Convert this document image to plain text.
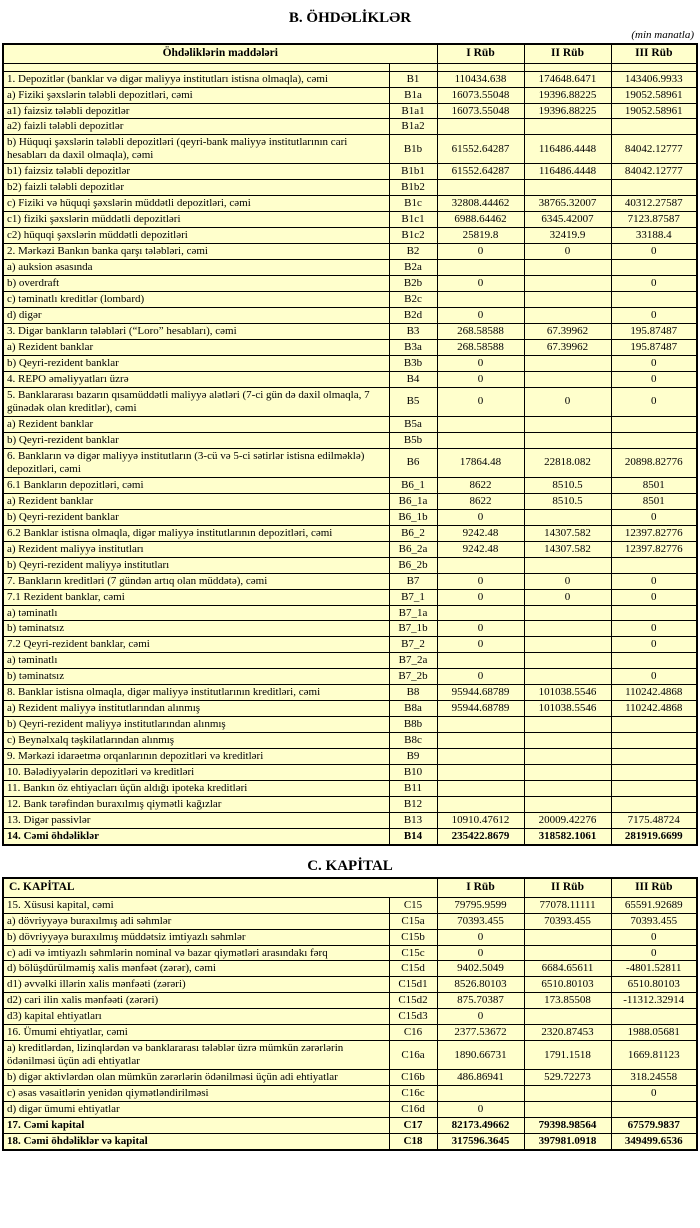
B. ÖHDƏLİKLƏR
(min manatla)
Öhdəliklərin maddələri		I Rüb	II Rüb	III Rüb

1. Depozitlər (banklar və digər maliyyə institutları istisna olmaqla), cəmi	B1	110434.638	174648.6471	143406.9933
a) Fiziki şəxslərin tələbli depozitləri, cəmi	B1a	16073.55048	19396.88225	19052.58961
a1) faizsiz tələbli depozitlər	B1a1	16073.55048	19396.88225	19052.58961
a2) faizli tələbli depozitlər	B1a2			
b) Hüquqi şəxslərin tələbli depozitləri (qeyri-bank maliyyə institutlarının cari hesabları da daxil olmaqla), cəmi	B1b	61552.64287	116486.4448	84042.12777
b1) faizsiz tələbli depozitlər	B1b1	61552.64287	116486.4448	84042.12777
b2) faizli tələbli depozitlər	B1b2			
c) Fiziki və hüquqi şəxslərin müddətli depozitləri, cəmi	B1c	32808.44462	38765.32007	40312.27587
c1) fiziki şəxslərin müddətli depozitləri	B1c1	6988.64462	6345.42007	7123.87587
c2) hüquqi şəxslərin müddətli depozitləri	B1c2	25819.8	32419.9	33188.4
2. Mərkəzi Bankın banka qarşı tələbləri, cəmi	B2	0	0	0
a) auksion əsasında	B2a			
b) overdraft	B2b	0		0
c) təminatlı kreditlər (lombard)	B2c			
d) digər	B2d	0		0
3. Digər bankların tələbləri (“Loro” hesabları), cəmi	B3	268.58588	67.39962	195.87487
a) Rezident banklar	B3a	268.58588	67.39962	195.87487
b) Qeyri-rezident banklar	B3b	0		0
4. REPO əməliyyatları üzrə	B4	0		0
5. Banklararası bazarın qısamüddətli maliyyə alətləri (7-ci gün də daxil olmaqla, 7 günədək olan kreditlər), cəmi	B5	0	0	0
a) Rezident banklar	B5a			
b) Qeyri-rezident banklar	B5b			
6. Bankların və digər maliyyə institutların (3-cü və 5-ci sətirlər istisna edilməklə) depozitləri, cəmi	B6	17864.48	22818.082	20898.82776
6.1 Bankların depozitləri, cəmi	B6_1	8622	8510.5	8501
a) Rezident banklar	B6_1a	8622	8510.5	8501
b) Qeyri-rezident banklar	B6_1b	0		0
6.2 Banklar istisna olmaqla, digər maliyyə institutlarının depozitləri, cəmi	B6_2	9242.48	14307.582	12397.82776
a) Rezident maliyyə institutları	B6_2a	9242.48	14307.582	12397.82776
b) Qeyri-rezident maliyyə institutları	B6_2b			
7. Bankların kreditləri (7 gündən artıq olan müddətə), cəmi	B7	0	0	0
7.1 Rezident banklar, cəmi	B7_1	0	0	0
a) təminatlı	B7_1a			
b) təminatsız	B7_1b	0		0
7.2 Qeyri-rezident banklar, cəmi	B7_2	0		0
a) təminatlı	B7_2a			
b) təminatsız	B7_2b	0		0
8. Banklar istisna olmaqla, digər maliyyə institutlarının kreditləri, cəmi	B8	95944.68789	101038.5546	110242.4868
a) Rezident maliyyə institutlarından alınmış	B8a	95944.68789	101038.5546	110242.4868
b) Qeyri-rezident maliyyə institutlarından alınmış	B8b			
c) Beynəlxalq təşkilatlarından alınmış	B8c			
9. Mərkəzi idarəetmə orqanlarının depozitləri və kreditləri	B9			
10. Bələdiyyələrin depozitləri və kreditləri	B10			
11. Bankın öz ehtiyacları üçün aldığı ipoteka kreditləri	B11			
12. Bank tərəfindən buraxılmış qiymətli kağızlar	B12			
13. Digər passivlər	B13	10910.47612	20009.42276	7175.48724
14. Cəmi öhdəliklər	B14	235422.8679	318582.1061	281919.6699
C. KAPİTAL
C. KAPİTAL		I Rüb	II Rüb	III Rüb
15. Xüsusi kapital, cəmi	C15	79795.9599	77078.11111	65591.92689
a) dövriyyəyə buraxılmış adi səhmlər	C15a	70393.455	70393.455	70393.455
b) dövriyyəyə buraxılmış müddətsiz imtiyazlı səhmlər	C15b	0		0
c) adi və imtiyazlı səhmlərin nominal və bazar qiymətləri arasındakı fərq	C15c	0		0
d) bölüşdürülməmiş xalis mənfəət (zərər), cəmi	C15d	9402.5049	6684.65611	-4801.52811
d1) əvvəlki illərin xalis mənfəəti (zərəri)	C15d1	8526.80103	6510.80103	6510.80103
d2) cari ilin xalis mənfəəti (zərəri)	C15d2	875.70387	173.85508	-11312.32914
d3) kapital ehtiyatları	C15d3	0		
16. Ümumi ehtiyatlar, cəmi	C16	2377.53672	2320.87453	1988.05681
a) kreditlərdən, lizinqlərdən və banklararası tələblər üzrə mümkün zərərlərin ödənilməsi üçün adi ehtiyatlar	C16a	1890.66731	1791.1518	1669.81123
b) digər aktivlərdən olan mümkün zərərlərin ödənilməsi üçün adi ehtiyatlar	C16b	486.86941	529.72273	318.24558
c) əsas vəsaitlərin yenidən qiymətləndirilməsi	C16c			0
d) digər ümumi ehtiyatlar	C16d	0		
17. Cəmi kapital	C17	82173.49662	79398.98564	67579.9837
18. Cəmi öhdəliklər və kapital	C18	317596.3645	397981.0918	349499.6536
